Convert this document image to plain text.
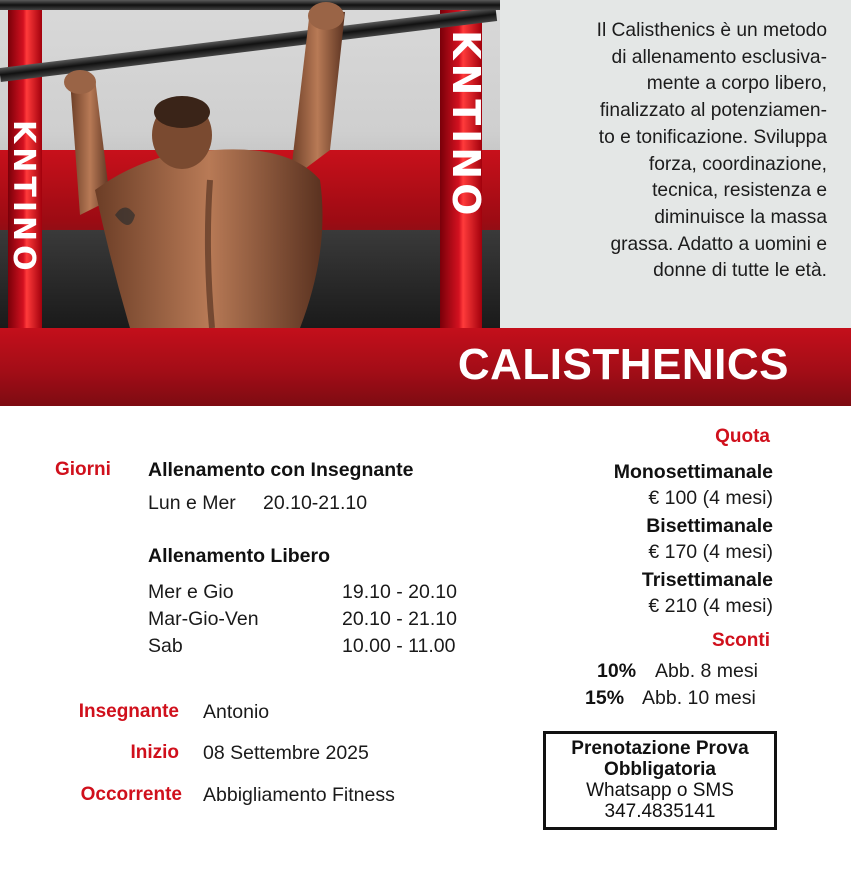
KNTINO
KNTINO

Il Calisthenics è un metodo
di allenamento esclusiva-
mente a corpo libero,
finalizzato al potenziamen-
to e tonificazione. Sviluppa
forza, coordinazione,
tecnica, resistenza e
diminuisce la massa
grassa. Adatto a uomini e
donne di tutte le età.

CALISTHENICS
Giorni Allenamento con Insegnante
Lun e Mer 20.10-21.10
Allenamento Libero
Mer e Gio	19.10 - 20.10
Mar-Gio-Ven	20.10 - 21.10
Sab	10.00 - 11.00
Insegnante Antonio
Inizio 08 Settembre 2025
Occorrente Abbigliamento Fitness
Quota
Monosettimanale
€ 100 (4 mesi)
Bisettimanale
€ 170 (4 mesi)
Trisettimanale
€ 210 (4 mesi)
Sconti
10% Abb. 8 mesi
15% Abb. 10 mesi
Prenotazione Prova
Obbligatoria
Whatsapp o SMS
347.4835141
